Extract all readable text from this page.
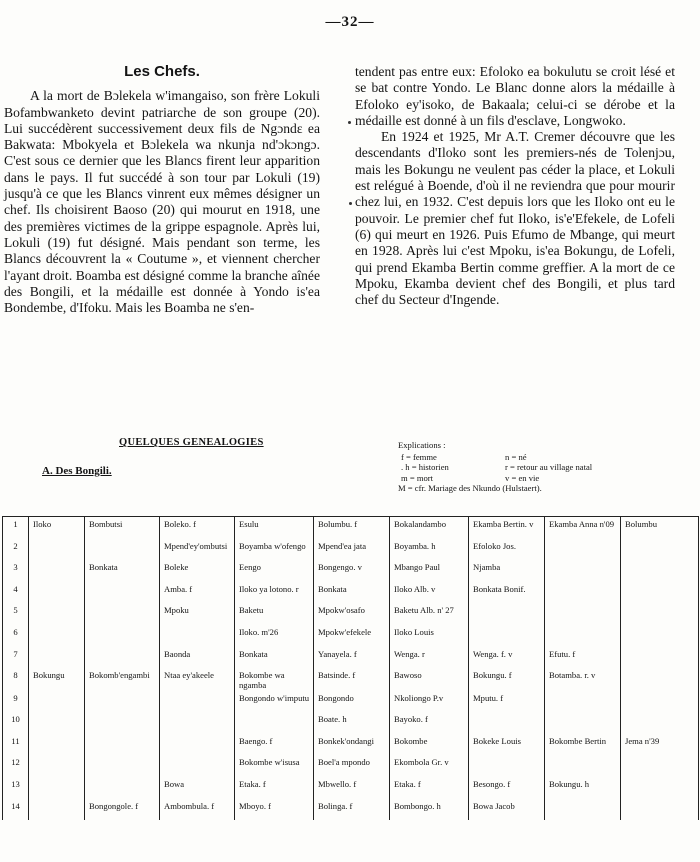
—32—
Les Chefs.

A la mort de Bɔlekela w'imangaiso, son frère Lokuli Bofambwanketo devint patriarche de son groupe (20). Lui succédèrent successivement deux fils de Ngɔndɛ ea Bakwata: Mbokyela et Bɔlekela wa nkunja nd'ɔkɔngɔ. C'est sous ce dernier que les Blancs firent leur apparition dans le pays. Il fut succédé à son tour par Lokuli (19) jusqu'à ce que les Blancs vinrent eux mêmes désigner un chef. Ils choisirent Baoso (20) qui mourut en 1918, une des premières victimes de la grippe espagnole. Après lui, Lokuli (19) fut désigné. Mais pendant son terme, les Blancs découvrent la « Coutume », et viennent chercher l'ayant droit. Boamba est désigné comme la branche aînée des Bongili, et la médaille est donnée à Yondo is'ea Bondembe, d'Ifoku. Mais les Boamba ne s'en-

tendent pas entre eux: Efoloko ea bokulutu se croit lésé et se bat contre Yondo. Le Blanc donne alors la médaille à Efoloko ey'isoko, de Bakaala; celui-ci se dérobe et la médaille est donné à un fils d'esclave, Longwoko.

En 1924 et 1925, Mr A.T. Cremer découvre que les descendants d'Iloko sont les premiers-nés de Tolenjɔu, mais les Bokungu ne veulent pas céder la place, et Lokuli est relégué à Boende, d'où il ne reviendra que pour mourir chez lui, en 1932. C'est depuis lors que les Iloko ont eu le pouvoir. Le premier chef fut Iloko, is'e'Efekele, de Lofeli (6) qui meurt en 1926. Puis Efumo de Mbange, qui meurt en 1928. Après lui c'est Mpoku, is'ea Bokungu, de Lofeli, qui prend Ekamba Bertin comme greffier. A la mort de ce Mpoku, Ekamba devient chef des Bongili, et plus tard chef du Secteur d'Ingende.

QUELQUES GENEALOGIES
A. Des Bongili.
Explications :
f = femme	n = né
. h = historien	r = retour au village natal
m = mort	v = en vie
M = cfr. Mariage des Nkundo (Hulstaert).
1	Iloko	Bombutsi	Boleko. f	Esulu	Bolumbu. f	Bokalandambo	Ekamba Bertin. v	Ekamba Anna n'09	Bolumbu
2			Mpend'ey'ombutsi	Boyamba w'ofengo	Mpend'ea jata	Boyamba. h	Efoloko Jos.		
3		Bonkata	Boleke	Eengo	Bongengo. v	Mbango Paul	Njamba		
4			Amba. f	Iloko ya lotono. r	Bonkata	Iloko Alb. v	Bonkata Bonif.		
5			Mpoku	Baketu	Mpokw'osafo	Baketu Alb. n' 27			
6				Iloko. m'26	Mpokw'efekele	Iloko Louis			
7			Baonda	Bonkata	Yanayela. f	Wenga. r	Wenga. f. v	Efutu. f	
8	Bokungu	Bokomb'engambi	Ntaa ey'akeele	Bokombe wa ngamba	Batsinde. f	Bawoso	Bokungu. f	Botamba. r. v	
9				Bongondo w'imputu	Bongondo	Nkoliongo P.v	Mputu. f		
10					Boate. h	Bayoko. f			
11				Baengo. f	Bonkek'ondangi	Bokombe	Bokeke Louis	Bokombe Bertin	Jema n'39
12				Bokombe w'isusa	Boel'a mpondo	Ekombola Gr. v			
13			Bowa	Etaka. f	Mbwello. f	Etaka. f	Besongo. f	Bokungu. h	
14		Bongongole. f	Ambombula. f	Mboyo. f	Bolinga. f	Bombongo. h	Bowa Jacob		
